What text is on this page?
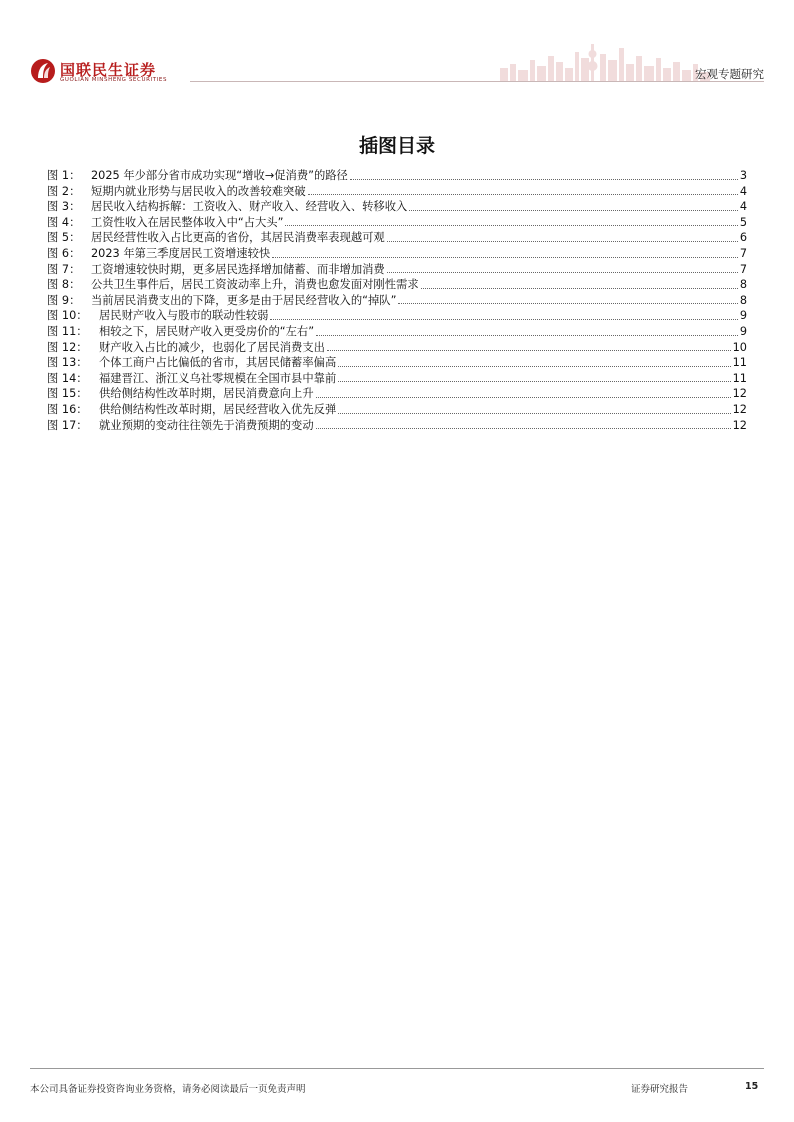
国联民生证券
GUOLIAN MINSHENG SECURITIES	宏观专题研究
插图目录
图 1： 2025 年少部分省市成功实现“增收→促消费”的路径	3
图 2： 短期内就业形势与居民收入的改善较难突破	4
图 3： 居民收入结构拆解：工资收入、财产收入、经营收入、转移收入	4
图 4： 工资性收入在居民整体收入中“占大头”	5
图 5： 居民经营性收入占比更高的省份，其居民消费率表现越可观	6
图 6： 2023 年第三季度居民工资增速较快	7
图 7： 工资增速较快时期，更多居民选择增加储蓄、而非增加消费	7
图 8： 公共卫生事件后，居民工资波动率上升，消费也愈发面对刚性需求	8
图 9： 当前居民消费支出的下降，更多是由于居民经营收入的“掉队”	8
图 10：	居民财产收入与股市的联动性较弱	9
图 11：	相较之下，居民财产收入更受房价的“左右”	9
图 12：	财产收入占比的减少，也弱化了居民消费支出	10
图 13：	个体工商户占比偏低的省市，其居民储蓄率偏高	11
图 14：	福建晋江、浙江义乌社零规模在全国市县中靠前	11
图 15：	供给侧结构性改革时期，居民消费意向上升	12
图 16：	供给侧结构性改革时期，居民经营收入优先反弹	12
图 17：	就业预期的变动往往领先于消费预期的变动	12
本公司具备证券投资咨询业务资格，请务必阅读最后一页免责声明	证券研究报告	15
